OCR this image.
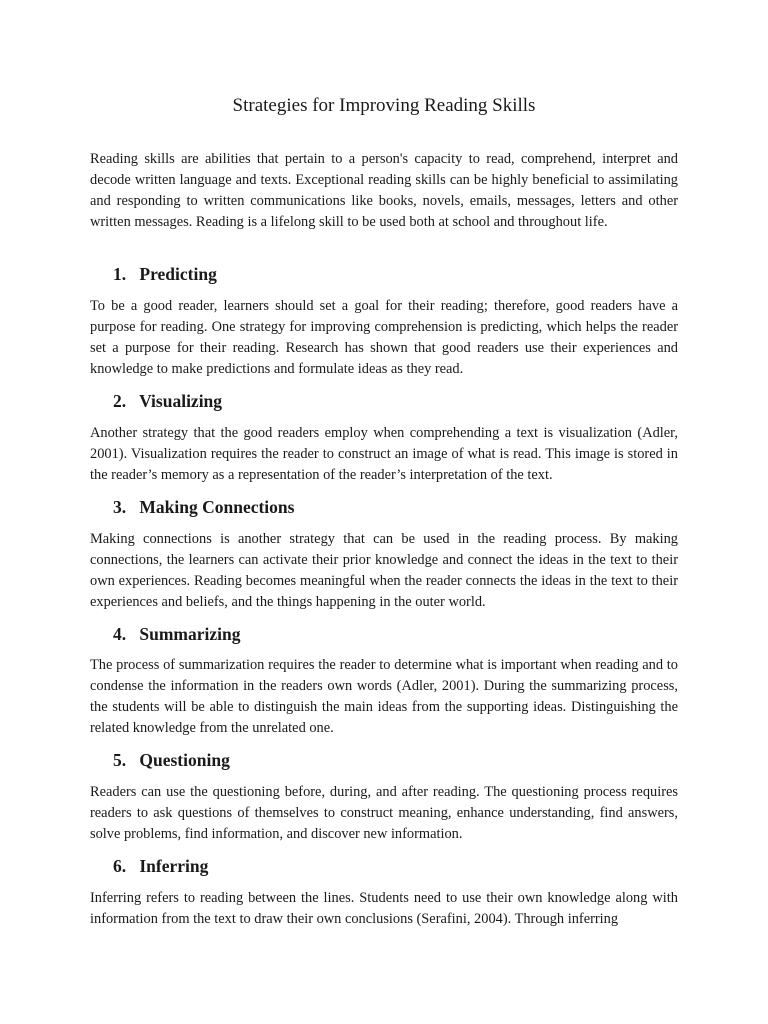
Strategies for Improving Reading Skills

Reading skills are abilities that pertain to a person's capacity to read, comprehend, interpret and decode written language and texts. Exceptional reading skills can be highly beneficial to assimilating and responding to written communications like books, novels, emails, messages, letters and other written messages. Reading is a lifelong skill to be used both at school and throughout life.

1. Predicting

To be a good reader, learners should set a goal for their reading; therefore, good readers have a purpose for reading. One strategy for improving comprehension is predicting, which helps the reader set a purpose for their reading. Research has shown that good readers use their experiences and knowledge to make predictions and formulate ideas as they read.

2. Visualizing

Another strategy that the good readers employ when comprehending a text is visualization (Adler, 2001). Visualization requires the reader to construct an image of what is read. This image is stored in the reader’s memory as a representation of the reader’s interpretation of the text.

3. Making Connections

Making connections is another strategy that can be used in the reading process. By making connections, the learners can activate their prior knowledge and connect the ideas in the text to their own experiences. Reading becomes meaningful when the reader connects the ideas in the text to their experiences and beliefs, and the things happening in the outer world.

4. Summarizing

The process of summarization requires the reader to determine what is important when reading and to condense the information in the readers own words (Adler, 2001). During the summarizing process, the students will be able to distinguish the main ideas from the supporting ideas. Distinguishing the related knowledge from the unrelated one.

5. Questioning

Readers can use the questioning before, during, and after reading. The questioning process requires readers to ask questions of themselves to construct meaning, enhance understanding, find answers, solve problems, find information, and discover new information.

6. Inferring

Inferring refers to reading between the lines. Students need to use their own knowledge along with information from the text to draw their own conclusions (Serafini, 2004). Through inferring
